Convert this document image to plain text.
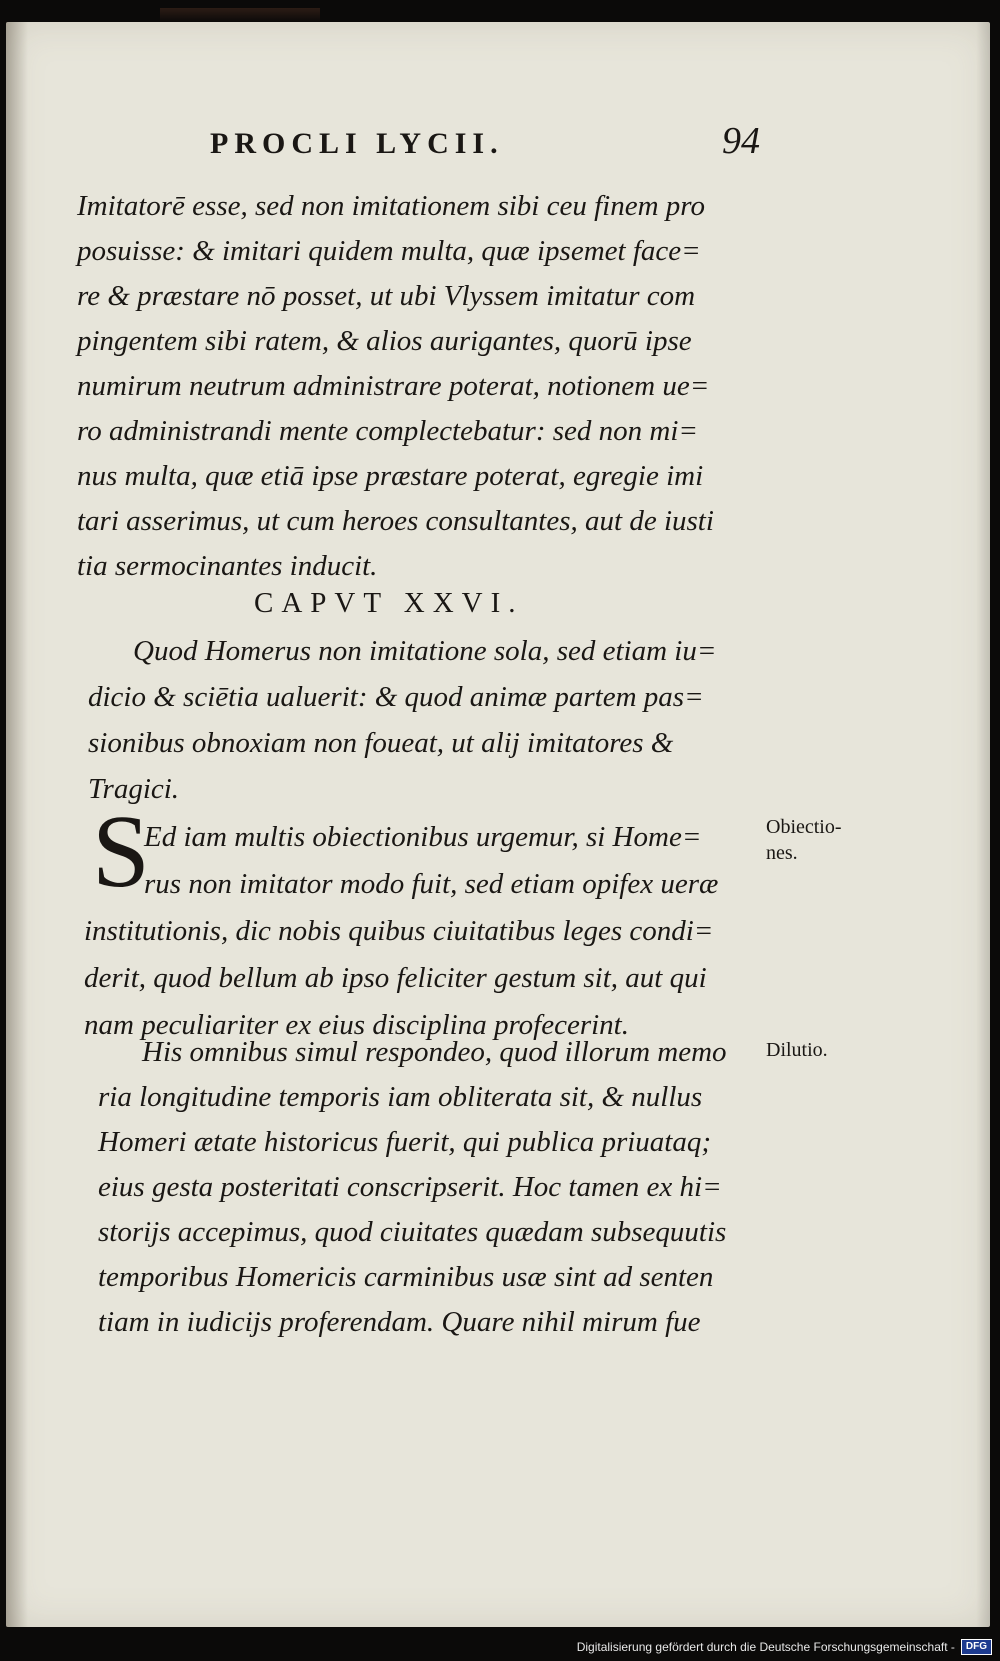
PROCLI LYCII.	94
Imitatorē esse, sed non imitationem sibi ceu finem pro
posuisse: & imitari quidem multa, quæ ipsemet face=
re & præstare nō posset, ut ubi Vlyssem imitatur com
pingentem sibi ratem, & alios aurigantes, quorū ipse
numirum neutrum administrare poterat, notionem ue=
ro administrandi mente complectebatur: sed non mi=
nus multa, quæ etiā ipse præstare poterat, egregie imi
tari asserimus, ut cum heroes consultantes, aut de iusti
tia sermocinantes inducit.
CAPVT XXVI.
Quod Homerus non imitatione sola, sed etiam iu=
dicio & sciētia ualuerit: & quod animæ partem pas=
sionibus obnoxiam non foueat, ut alij imitatores &
Tragici.
S
Ed iam multis obiectionibus urgemur, si Home=
rus non imitator modo fuit, sed etiam opifex ueræ
institutionis, dic nobis quibus ciuitatibus leges condi=
derit, quod bellum ab ipso feliciter gestum sit, aut qui
nam peculiariter ex eius disciplina profecerint.
His omnibus simul respondeo, quod illorum memo
ria longitudine temporis iam obliterata sit, & nullus
Homeri ætate historicus fuerit, qui publica priuataq;
eius gesta posteritati conscripserit. Hoc tamen ex hi=
storijs accepimus, quod ciuitates quædam subsequutis
temporibus Homericis carminibus usæ sint ad senten
tiam in iudicijs proferendam. Quare nihil mirum fue
Obiectio-
nes.
Dilutio.
Digitalisierung gefördert durch die Deutsche Forschungsgemeinschaft -	DFG
